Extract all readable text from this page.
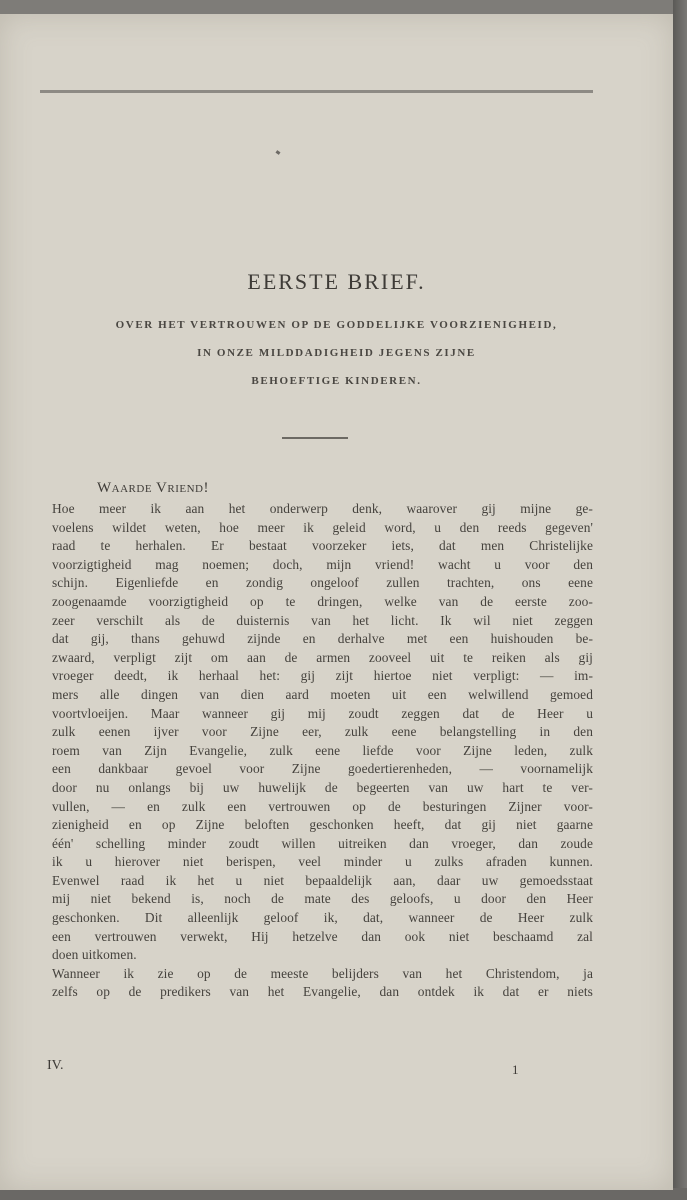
EERSTE BRIEF.
OVER HET VERTROUWEN OP DE GODDELIJKE VOORZIENIGHEID,
IN ONZE MILDDADIGHEID JEGENS ZIJNE
BEHOEFTIGE KINDEREN.
Waarde Vriend!
Hoe meer ik aan het onderwerp denk, waarover gij mijne ge-
voelens wildet weten, hoe meer ik geleid word, u den reeds gegeven'
raad te herhalen. Er bestaat voorzeker iets, dat men Christelijke
voorzigtigheid mag noemen; doch, mijn vriend! wacht u voor den
schijn. Eigenliefde en zondig ongeloof zullen trachten, ons eene
zoogenaamde voorzigtigheid op te dringen, welke van de eerste zoo-
zeer verschilt als de duisternis van het licht. Ik wil niet zeggen
dat gij, thans gehuwd zijnde en derhalve met een huishouden be-
zwaard, verpligt zijt om aan de armen zooveel uit te reiken als gij
vroeger deedt, ik herhaal het: gij zijt hiertoe niet verpligt: — im-
mers alle dingen van dien aard moeten uit een welwillend gemoed
voortvloeijen. Maar wanneer gij mij zoudt zeggen dat de Heer u
zulk eenen ijver voor Zijne eer, zulk eene belangstelling in den
roem van Zijn Evangelie, zulk eene liefde voor Zijne leden, zulk
een dankbaar gevoel voor Zijne goedertierenheden, — voornamelijk
door nu onlangs bij uw huwelijk de begeerten van uw hart te ver-
vullen, — en zulk een vertrouwen op de besturingen Zijner voor-
zienigheid en op Zijne beloften geschonken heeft, dat gij niet gaarne
één' schelling minder zoudt willen uitreiken dan vroeger, dan zoude
ik u hierover niet berispen, veel minder u zulks afraden kunnen.
Evenwel raad ik het u niet bepaaldelijk aan, daar uw gemoedsstaat
mij niet bekend is, noch de mate des geloofs, u door den Heer
geschonken. Dit alleenlijk geloof ik, dat, wanneer de Heer zulk
een vertrouwen verwekt, Hij hetzelve dan ook niet beschaamd zal
doen uitkomen.
Wanneer ik zie op de meeste belijders van het Christendom, ja
zelfs op de predikers van het Evangelie, dan ontdek ik dat er niets
IV.	1
